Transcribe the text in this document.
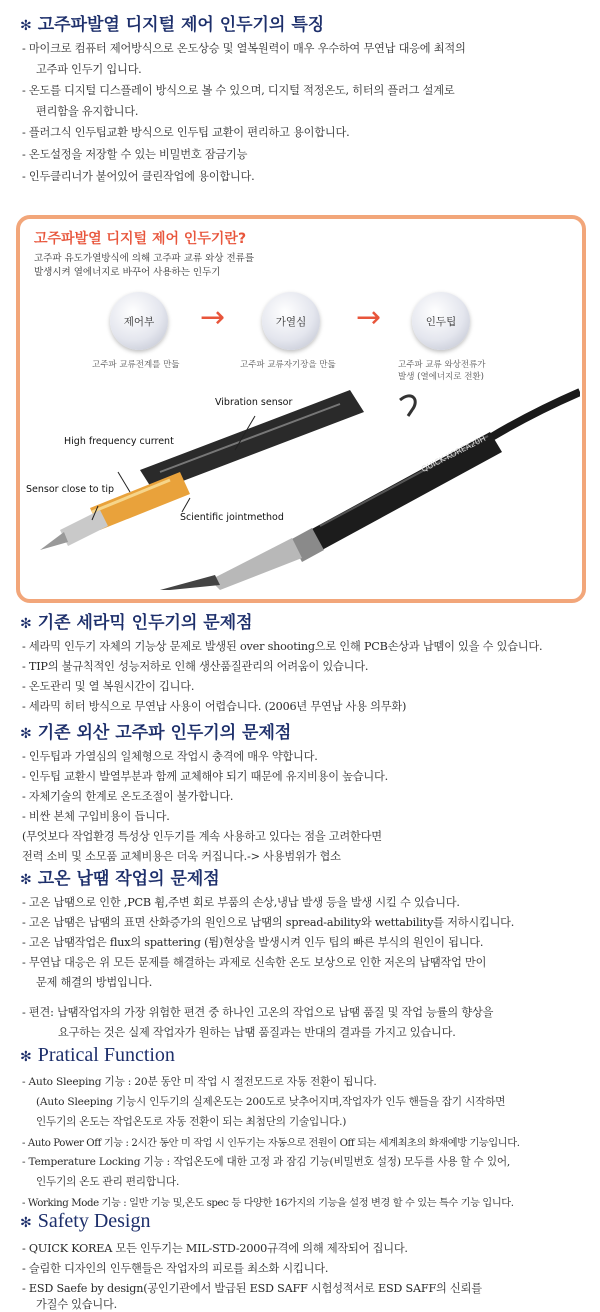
✻ 고주파발열 디지털 제어 인두기의 특징
- 마이크로 컴퓨터 제어방식으로 온도상승 및 열복원력이 매우 우수하여 무연납 대응에 최적의
고주파 인두기 입니다.
- 온도를 디지털 디스플레이 방식으로 볼 수 있으며, 디지털 적정온도, 히터의 플러그 설계로
편리함을 유지합니다.
- 플러그식 인두팁교환 방식으로 인두팁 교환이 편리하고 용이합니다.
- 온도설정을 저장할 수 있는 비밀번호 잠금기능
- 인두클리너가 붙어있어 클린작업에 용이합니다.
고주파발열 디지털 제어 인두기란?
고주파 유도가열방식에 의해 고주파 교류 와상 전류를
발생시켜 열에너지로 바꾸어 사용하는 인두기
제어부 →	가열심 →	인두팁
고주파 교류전계를 만듦	고주파 교류자기장을 만듦	고주파 교류 와상전류가
발생 (열에너지로 전환)
Vibration sensor
High frequency current
Sensor close to tip
Scientific jointmethod
QUICK-KOREA20H
✻ 기존 세라믹 인두기의 문제점
- 세라믹 인두기 자체의 기능상 문제로 발생된 over shooting으로 인해 PCB손상과 납뗌이 있을 수 있습니다.
- TIP의 불규칙적인 성능저하로 인해 생산품질관리의 어려움이 있습니다.
- 온도관리 및 열 복원시간이 깁니다.
- 세라믹 히터 방식으로 무연납 사용이 어렵습니다. (2006년 무연납 사용 의무화)
✻ 기존 외산 고주파 인두기의 문제점
- 인두팁과 가열심의 일체형으로 작업시 충격에 매우 약합니다.
- 인두팁 교환시 발열부분과 함께 교체해야 되기 때문에 유지비용이 높습니다.
- 자체기술의 한계로 온도조절이 불가합니다.
- 비싼 본체 구입비용이 듭니다.
(무엇보다 작업환경 특성상 인두기를 계속 사용하고 있다는 점을 고려한다면
전력 소비 및 소모품 교체비용은 더욱 커집니다.-> 사용범위가 협소
✻ 고온 납땜 작업의 문제점
- 고온 납땜으로 인한 ,PCB 휨,주변 회로 부품의 손상,냉납 발생 등을 발생 시킬 수 있습니다.
- 고온 납땜은 납땜의 표면 산화증가의 원인으로 납땜의 spread-ability와 wettability를 저하시킵니다.
- 고온 납땜작업은 flux의 spattering (튐)현상을 발생시켜 인두 팁의 빠른 부식의 원인이 됩니다.
- 무연납 대응은 위 모든 문제를 해결하는 과제로 신속한 온도 보상으로 인한 저온의 납땜작업 만이
문제 해결의 방법입니다.
- 편견: 납땜작업자의 가장 위험한 편견 중 하나인 고온의 작업으로 납땜 품질 및 작업 능률의 향상을
요구하는 것은 실제 작업자가 원하는 납땜 품질과는 반대의 결과를 가지고 있습니다.
✻ Pratical Function
- Auto Sleeping 기능 : 20분 동안 미 작업 시 절전모드로 자동 전환이 됩니다.
(Auto Sleeping 기능시 인두기의 실제온도는 200도로 낮추어지며,작업자가 인두 핸들을 잡기 시작하면
인두기의 온도는 작업온도로 자동 전환이 되는 최첨단의 기술입니다.)
- Auto Power Off 기능 : 2시간 동안 미 작업 시 인두기는 자동으로 전원이 Off 되는 세계최초의 화재예방 기능입니다.
- Temperature Locking 기능 : 작업온도에 대한 고정 과 잠김 기능(비밀번호 설정) 모두를 사용 할 수 있어,
인두기의 온도 관리 편리합니다.
- Working Mode 기능 : 일반 기능 및,온도 spec 등 다양한 16가지의 기능을 설정 변경 할 수 있는 특수 기능 입니다.
✻ Safety Design
- QUICK KOREA 모든 인두기는 MIL-STD-2000규격에 의해 제작되어 집니다.
- 슬림한 디자인의 인두핸들은 작업자의 피로를 최소화 시킵니다.
- ESD Saefe by design(공인기관에서 발급된 ESD SAFF 시험성적서로 ESD SAFF의 신뢰를
가질수 있습니다.
